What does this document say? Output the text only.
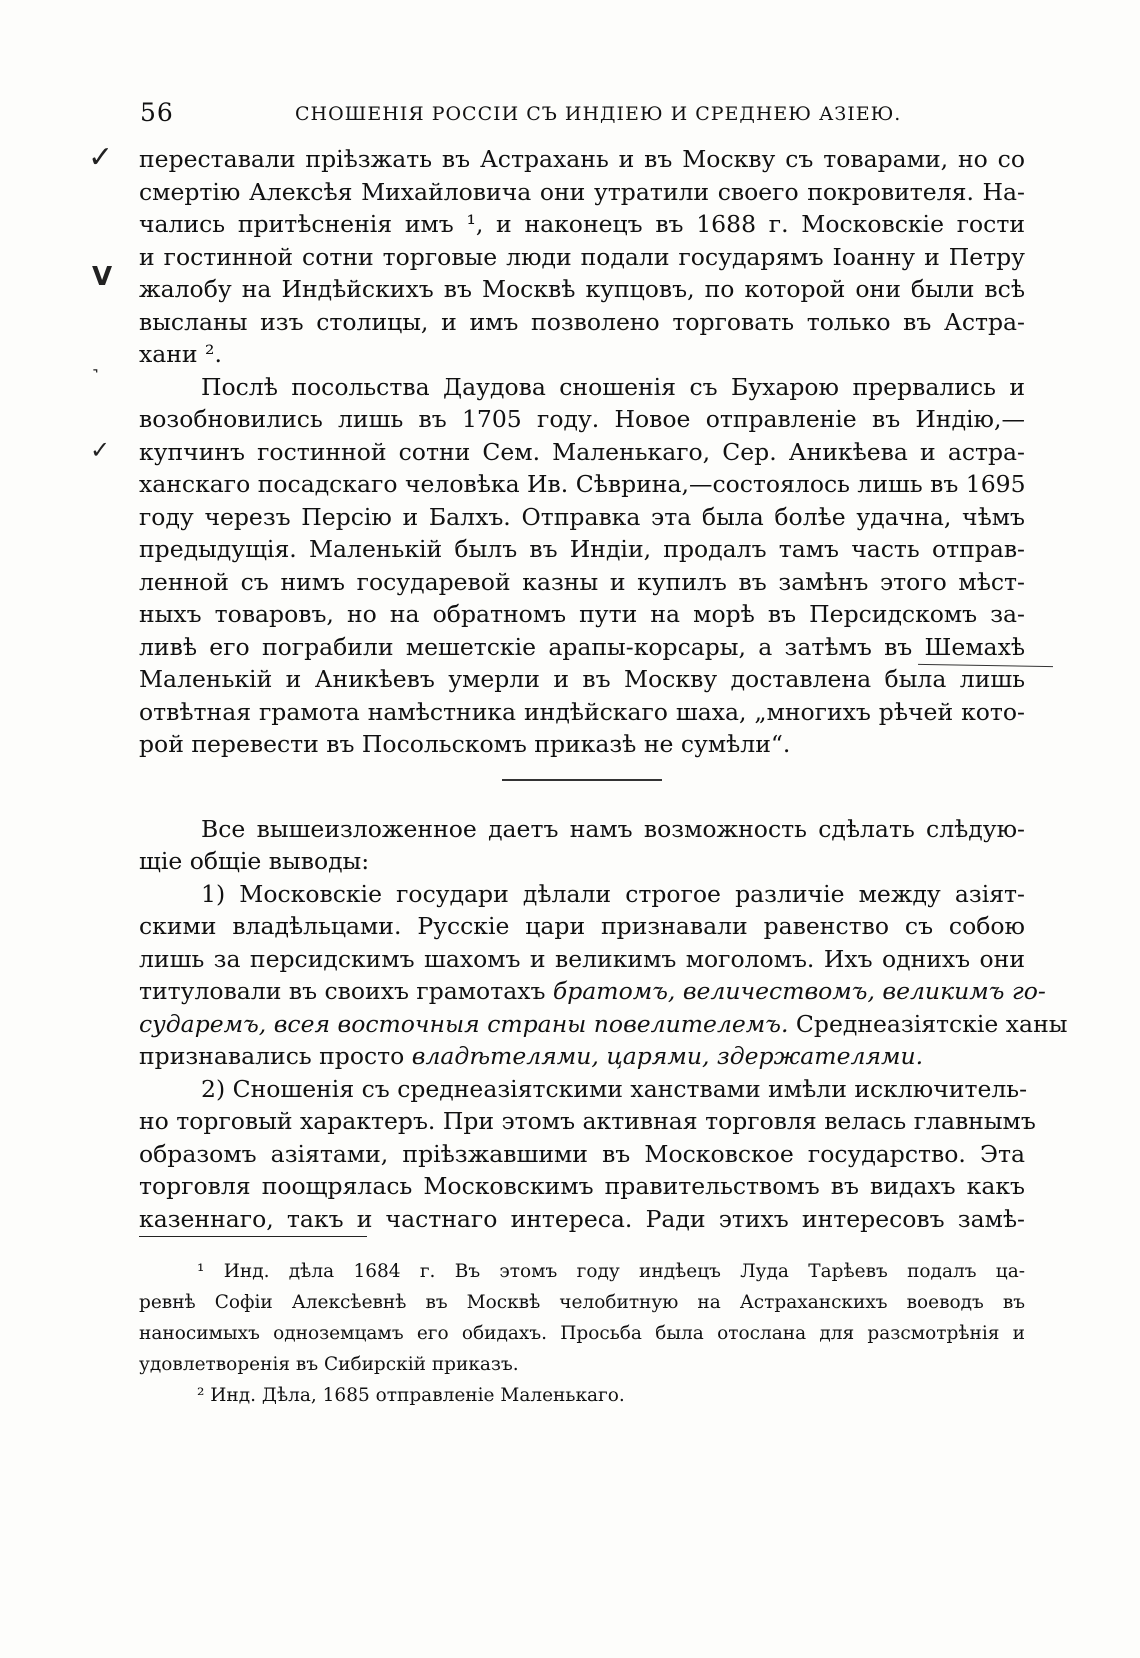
56	СНОШЕНІЯ РОССІИ СЪ ИНДІЕЮ И СРЕДНЕЮ АЗІЕЮ.
✓
V
˺
✓
переставали пріѣзжать въ Астрахань и въ Москву съ товарами, но со
смертію Алексѣя Михайловича они утратили своего покровителя. На-
чались притѣсненія имъ ¹, и наконецъ въ 1688 г. Московскіе гости
и гостинной сотни торговые люди подали государямъ Іоанну и Петру
жалобу на Индѣйскихъ въ Москвѣ купцовъ, по которой они были всѣ
высланы изъ столицы, и имъ позволено торговать только въ Астра-
хани ².
Послѣ посольства Даудова сношенія съ Бухарою прервались и
возобновились лишь въ 1705 году. Новое отправленіе въ Индію,—
купчинъ гостинной сотни Сем. Маленькаго, Сер. Аникѣева и астра-
ханскаго посадскаго человѣка Ив. Сѣврина,—состоялось лишь въ 1695
году черезъ Персію и Балхъ. Отправка эта была болѣе удачна, чѣмъ
предыдущія. Маленькій былъ въ Индіи, продалъ тамъ часть отправ-
ленной съ нимъ государевой казны и купилъ въ замѣнъ этого мѣст-
ныхъ товаровъ, но на обратномъ пути на морѣ въ Персидскомъ за-
ливѣ его пограбили мешетскіе арапы-корсары, а затѣмъ въ Шемахѣ
Маленькій и Аникѣевъ умерли и въ Москву доставлена была лишь
отвѣтная грамота намѣстника индѣйскаго шаха, „многихъ рѣчей кото-
рой перевести въ Посольскомъ приказѣ не сумѣли“.
Все вышеизложенное даетъ намъ возможность сдѣлать слѣдую-
щіе общіе выводы:
1) Московскіе государи дѣлали строгое различіе между азіят-
скими владѣльцами. Русскіе цари признавали равенство съ собою
лишь за персидскимъ шахомъ и великимъ моголомъ. Ихъ однихъ они
титуловали въ своихъ грамотахъ братомъ, величествомъ, великимъ го-
сударемъ, всея восточныя страны повелителемъ. Среднеазіятскіе ханы
признавались просто владѣтелями, царями, здержателями.
2) Сношенія съ среднеазіятскими ханствами имѣли исключитель-
но торговый характеръ. При этомъ активная торговля велась главнымъ
образомъ азіятами, пріѣзжавшими въ Московское государство. Эта
торговля поощрялась Московскимъ правительствомъ въ видахъ какъ
казеннаго, такъ и частнаго интереса. Ради этихъ интересовъ замѣ-
¹ Инд. дѣла 1684 г. Въ этомъ году индѣецъ Луда Тарѣевъ подалъ ца-
ревнѣ Софіи Алексѣевнѣ въ Москвѣ челобитную на Астраханскихъ воеводъ въ
наносимыхъ одноземцамъ его обидахъ. Просьба была отослана для разсмотрѣнія и
удовлетворенія въ Сибирскій приказъ.
² Инд. Дѣла, 1685 отправленіе Маленькаго.
